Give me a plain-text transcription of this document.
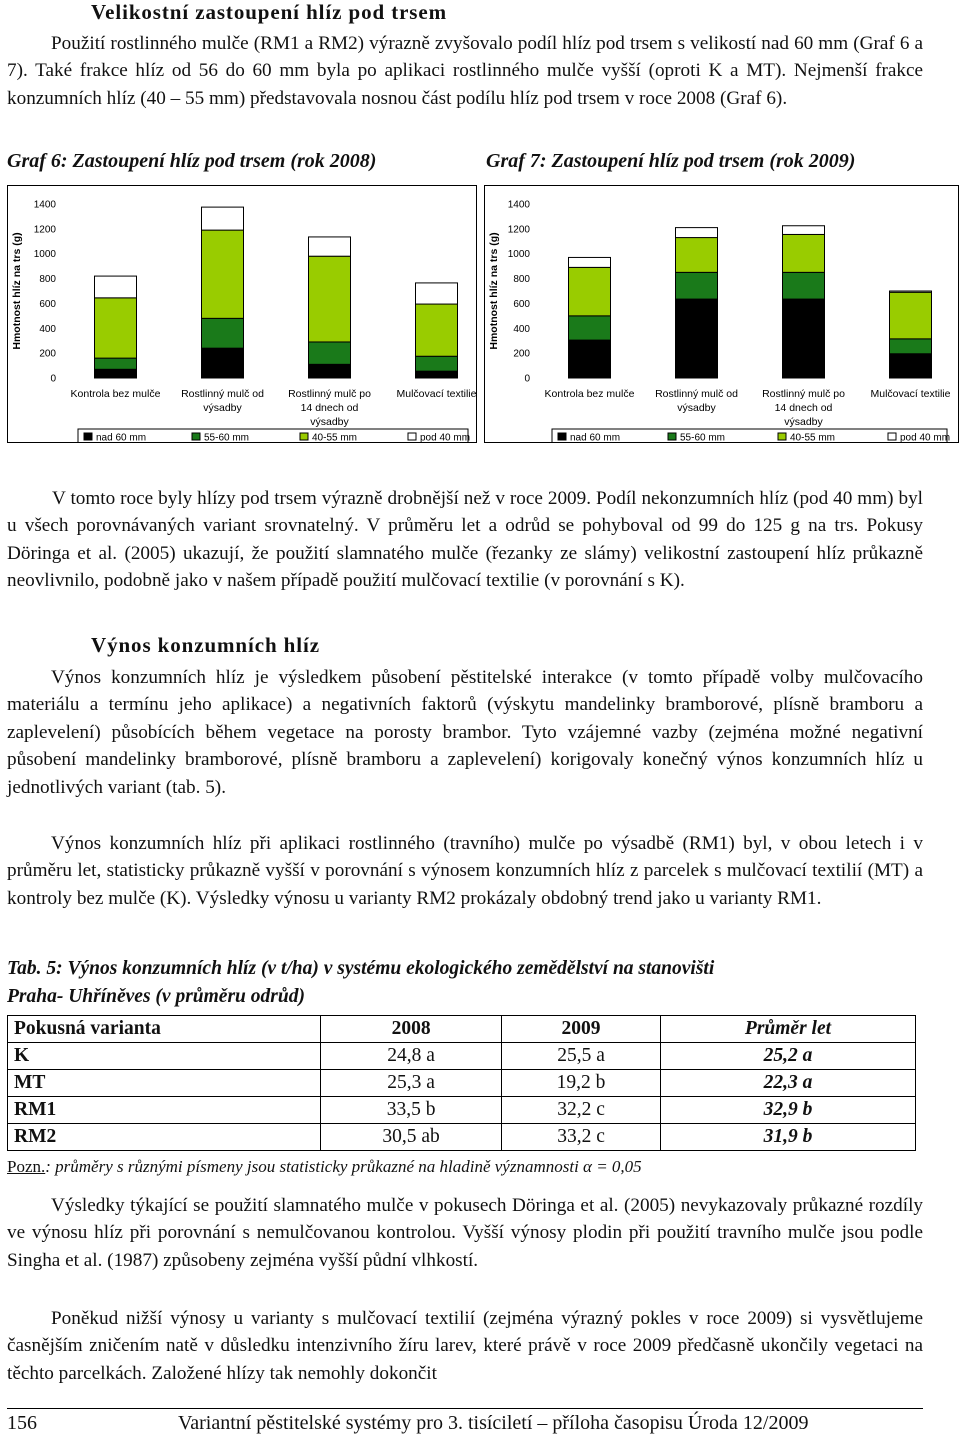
Velikostní zastoupení hlíz pod trsem

Použití rostlinného mulče (RM1 a RM2) výrazně zvyšovalo podíl hlíz pod trsem s velikostí nad 60 mm (Graf 6 a 7). Také frakce hlíz od 56 do 60 mm byla po aplikaci rostlinného mulče vyšší (oproti K a MT). Nejmenší frakce konzumních hlíz (40 – 55 mm) představovala nosnou část podílu hlíz pod trsem v roce 2008 (Graf 6).

Graf 6: Zastoupení hlíz pod trsem (rok 2008)	Graf 7: Zastoupení hlíz pod trsem (rok 2009)
Hmotnost hlíz na trs (g)
0
200
400
600
800
1000
1200
1400
Kontrola bez mulče Rostlinný mulč od
výsadby
Rostlinný mulč po
14 dnech od
výsadby
Mulčovací textilie
nad 60 mm	55-60 mm	40-55 mm	pod 40 mm
Hmotnost hlíz na trs (g)
0
200
400
600
800
1000
1200
1400
Kontrola bez mulče Rostlinný mulč od
výsadby
Rostlinný mulč po
14 dnech od
výsadby
Mulčovací textilie
nad 60 mm	55-60 mm	40-55 mm	pod 40 mm

V tomto roce byly hlízy pod trsem výrazně drobnější než v roce 2009. Podíl nekonzumních hlíz (pod 40 mm) byl u všech porovnávaných variant srovnatelný. V průměru let a odrůd se pohyboval od 99 do 125 g na trs. Pokusy Döringa et al. (2005) ukazují, že použití slamnatého mulče (řezanky ze slámy) velikostní zastoupení hlíz průkazně neovlivnilo, podobně jako v našem případě použití mulčovací textilie (v porovnání s K).

Výnos konzumních hlíz

Výnos konzumních hlíz je výsledkem působení pěstitelské interakce (v tomto případě volby mulčovacího materiálu a termínu jeho aplikace) a negativních faktorů (výskytu mandelinky bramborové, plísně bramboru a zaplevelení) působících během vegetace na porosty brambor. Tyto vzájemné vazby (zejména možné negativní působení mandelinky bramborové, plísně bramboru a zaplevelení) korigovaly konečný výnos konzumních hlíz u jednotlivých variant (tab. 5).

Výnos konzumních hlíz při aplikaci rostlinného (travního) mulče po výsadbě (RM1) byl, v obou letech i v průměru let, statisticky průkazně vyšší v porovnání s výnosem konzumních hlíz z parcelek s mulčovací textilií (MT) a kontroly bez mulče (K). Výsledky výnosu u varianty RM2 prokázaly obdobný trend jako u varianty RM1.

Tab. 5: Výnos konzumních hlíz (v t/ha) v systému ekologického zemědělství na stanovišti
Praha- Uhříněves (v průměru odrůd)
Pokusná varianta	2008	2009	Průměr let
K	24,8 a	25,5 a	25,2 a
MT	25,3 a	19,2 b	22,3 a
RM1	33,5 b	32,2 c	32,9 b
RM2	30,5 ab	33,2 c	31,9 b
Pozn.: průměry s různými písmeny jsou statisticky průkazné na hladině významnosti α = 0,05

Výsledky týkající se použití slamnatého mulče v pokusech Döringa et al. (2005) nevykazovaly průkazné rozdíly ve výnosu hlíz při porovnání s nemulčovanou kontrolou. Vyšší výnosy plodin při použití travního mulče jsou podle Singha et al. (1987) způsobeny zejména vyšší půdní vlhkostí.

Poněkud nižší výnosy u varianty s mulčovací textilií (zejména výrazný pokles v roce 2009) si vysvětlujeme časnějším zničením natě v důsledku intenzivního žíru larev, které právě v roce 2009 předčasně ukončily vegetaci na těchto parcelkách. Založené hlízy tak nemohly dokončit

156	Variantní pěstitelské systémy pro 3. tisíciletí – příloha časopisu Úroda 12/2009
